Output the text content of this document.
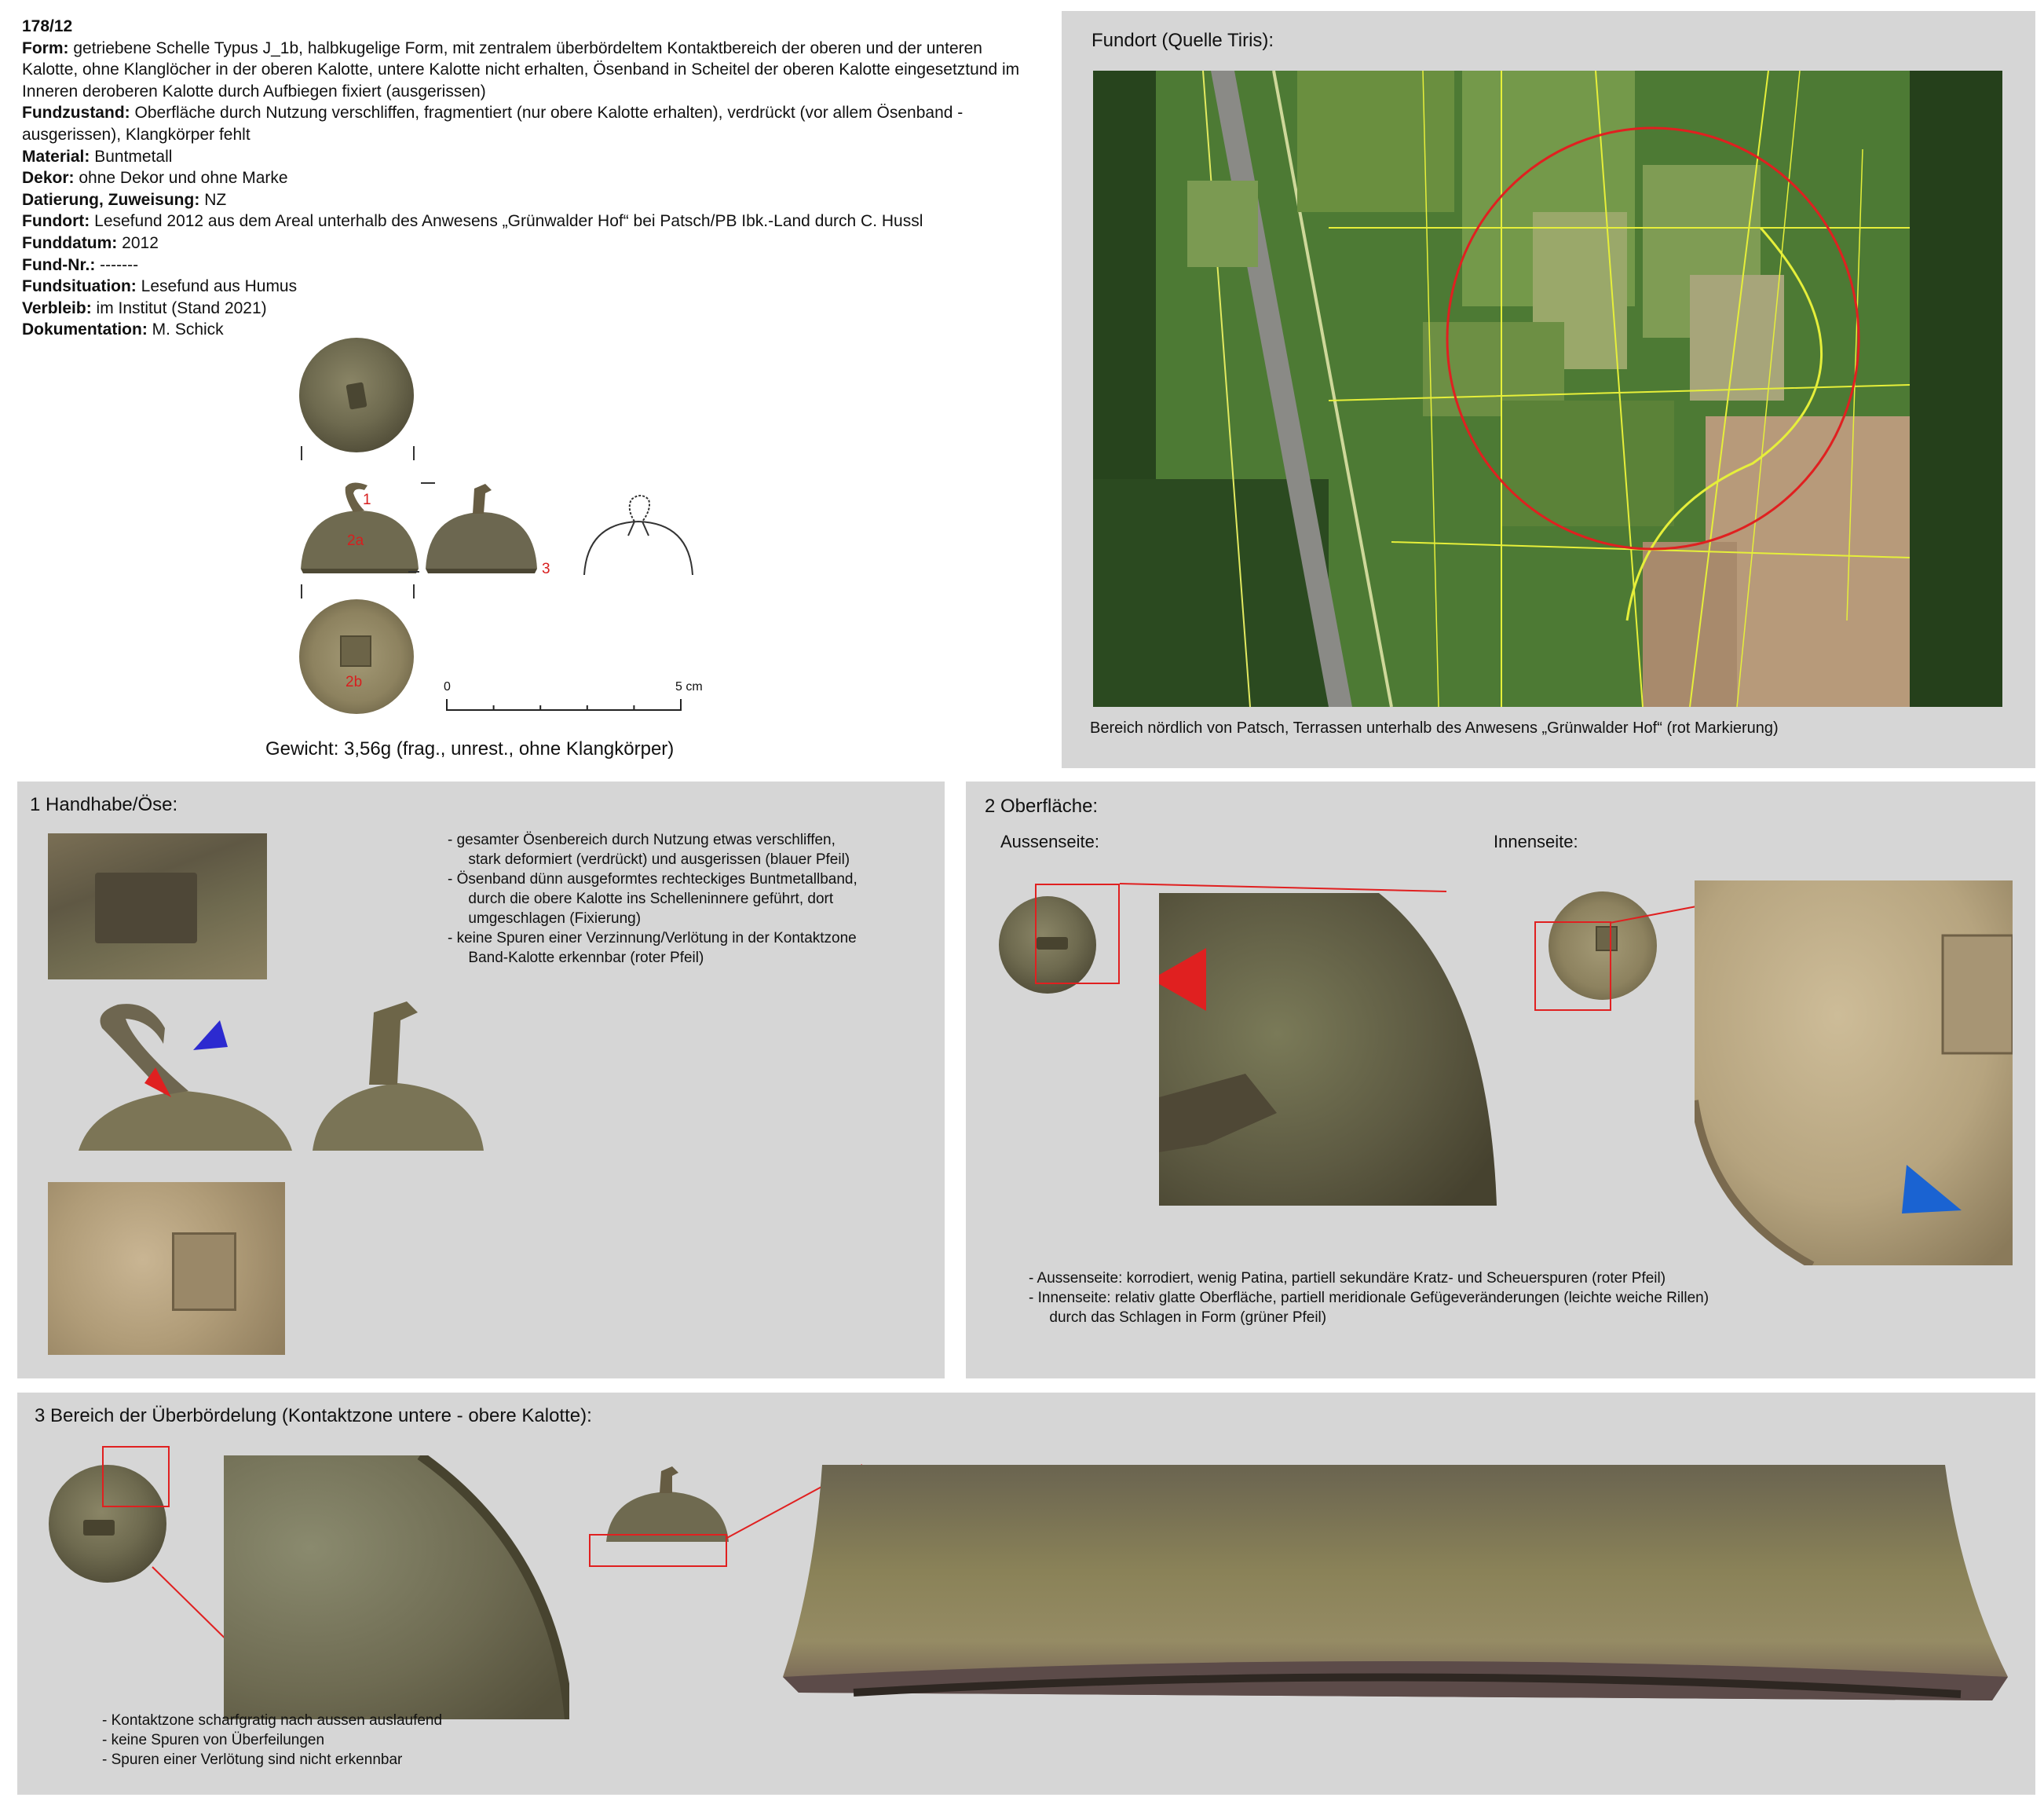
178/12
Form: getriebene Schelle Typus J_1b, halbkugelige Form, mit zentralem überbördeltem Kontaktbereich der oberen und der unteren Kalotte, ohne Klanglöcher in der oberen Kalotte, untere Kalotte nicht erhalten, Ösenband in Scheitel der oberen Kalotte eingesetztund im Inneren deroberen Kalotte durch Aufbiegen fixiert (ausgerissen)
Fundzustand: Oberfläche durch Nutzung verschliffen, fragmentiert (nur obere Kalotte erhalten), verdrückt (vor allem Ösenband - ausgerissen), Klangkörper fehlt
Material: Buntmetall
Dekor: ohne Dekor und ohne Marke
Datierung, Zuweisung: NZ
Fundort: Lesefund 2012 aus dem Areal unterhalb des Anwesens „Grünwalder Hof“ bei Patsch/PB Ibk.-Land durch C. Hussl
Funddatum: 2012
Fund-Nr.: -------
Fundsituation: Lesefund aus Humus
Verbleib: im Institut (Stand 2021)
Dokumentation: M. Schick
1
2a
3
2b	0	5 cm
Gewicht: 3,56g (frag., unrest., ohne Klangkörper)
Fundort (Quelle Tiris):
Bereich nördlich von Patsch, Terrassen unterhalb des Anwesens „Grünwalder Hof“ (rot Markierung)
1 Handhabe/Öse:
- gesamter Ösenbereich durch Nutzung etwas verschliffen,
stark deformiert (verdrückt) und ausgerissen (blauer Pfeil)
- Ösenband dünn ausgeformtes rechteckiges Buntmetallband,
durch die obere Kalotte ins Schelleninnere geführt, dort
umgeschlagen (Fixierung)
- keine Spuren einer Verzinnung/Verlötung in der Kontaktzone
Band-Kalotte erkennbar (roter Pfeil)
2 Oberfläche:
Aussenseite:	Innenseite:
- Aussenseite: korrodiert, wenig Patina, partiell sekundäre Kratz- und Scheuerspuren (roter Pfeil)
- Innenseite: relativ glatte Oberfläche, partiell meridionale Gefügeveränderungen (leichte weiche Rillen)
durch das Schlagen in Form (grüner Pfeil)
3 Bereich der Überbördelung (Kontaktzone untere - obere Kalotte):
- Kontaktzone scharfgratig nach aussen auslaufend
- keine Spuren von Überfeilungen
- Spuren einer Verlötung sind nicht erkennbar
